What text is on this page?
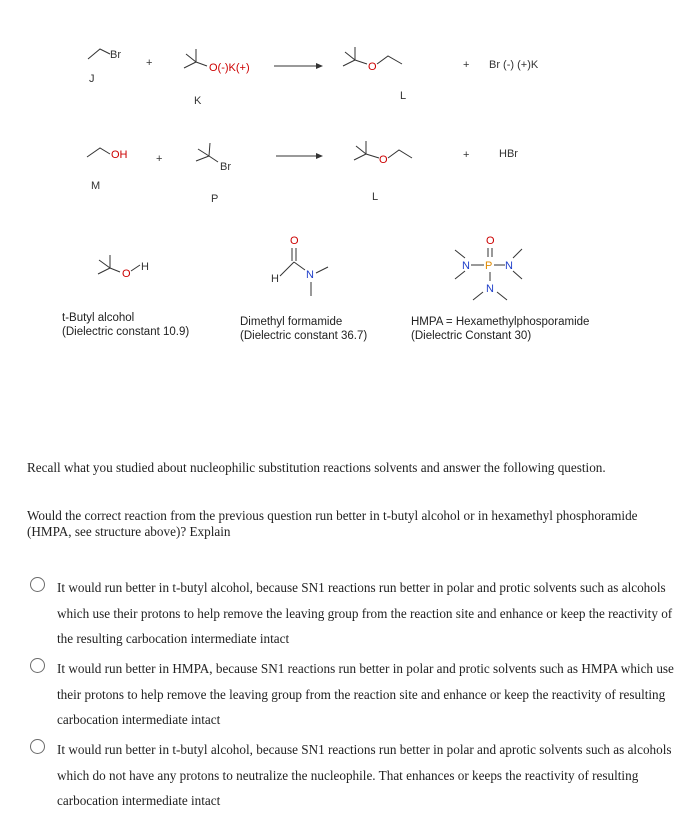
Br
J
+	O(-)K(+)
K
O
L
+ Br (-) (+)K
OH
M
+
Br
P
O
L
+	HBr
O
H
O
H N
O
N P N
N
t-Butyl alcohol
(Dielectric constant 10.9)
Dimethyl formamide
(Dielectric constant 36.7)
HMPA = Hexamethylphosporamide
(Dielectric Constant 30)
Recall what you studied about nucleophilic substitution reactions solvents and answer the following question.
Would the correct reaction from the previous question run better in t-butyl alcohol or in hexamethyl phosphoramide (HMPA, see structure above)? Explain
It would run better in t-butyl alcohol, because SN1 reactions run better in polar and protic solvents such as alcohols which use their protons to help remove the leaving group from the reaction site and enhance or keep the reactivity of the resulting carbocation intermediate intact
It would run better in HMPA, because SN1 reactions run better in polar and protic solvents such as HMPA which use their protons to help remove the leaving group from the reaction site and enhance or keep the reactivity of resulting carbocation intermediate intact
It would run better in t-butyl alcohol, because SN1 reactions run better in polar and aprotic solvents such as alcohols which do not have any protons to neutralize the nucleophile. That enhances or keeps the reactivity of resulting carbocation intermediate intact
